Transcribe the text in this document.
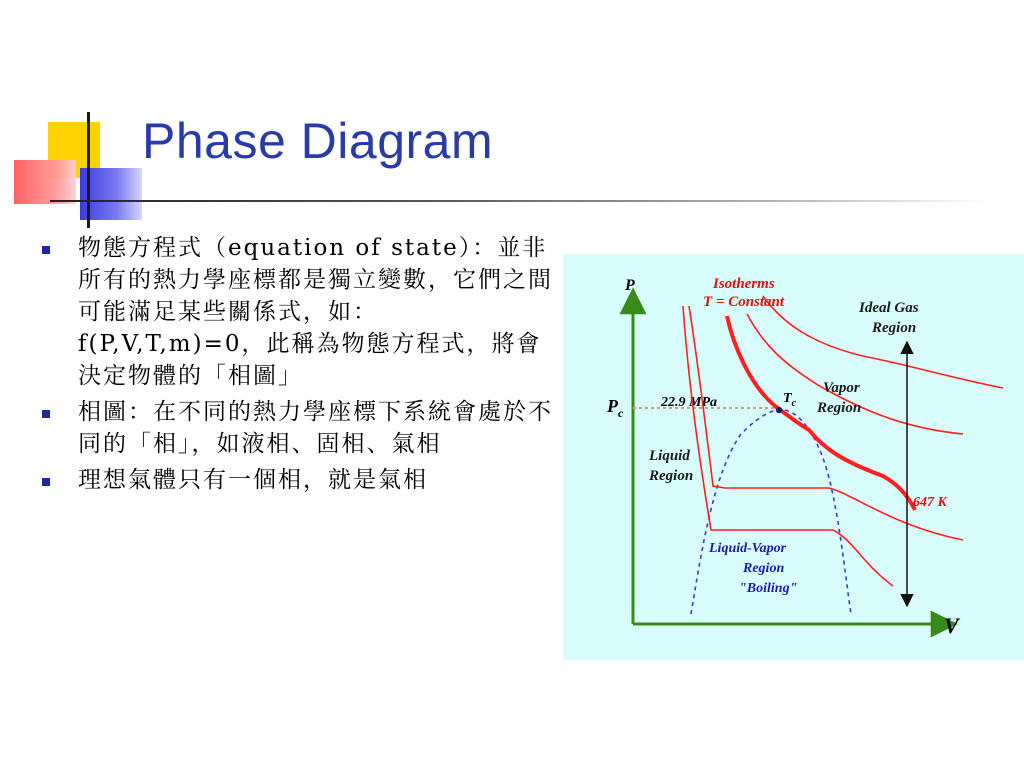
Phase Diagram
物態方程式（equation of state）：並非所有的熱力學座標都是獨立變數，它們之間可能滿足某些關係式，如：f(P,V,T,m)=0，此稱為物態方程式，將會決定物體的「相圖」
相圖：在不同的熱力學座標下系統會處於不同的「相」，如液相、固相、氣相
理想氣體只有一個相，就是氣相
P
V
$P_c$
22.9 MPa	$T_c$
Isotherms
T = Constant	Ideal Gas
Region
Vapor
Region
Liquid
Region
Liquid-Vapor
Region
"Boiling"
647 K
